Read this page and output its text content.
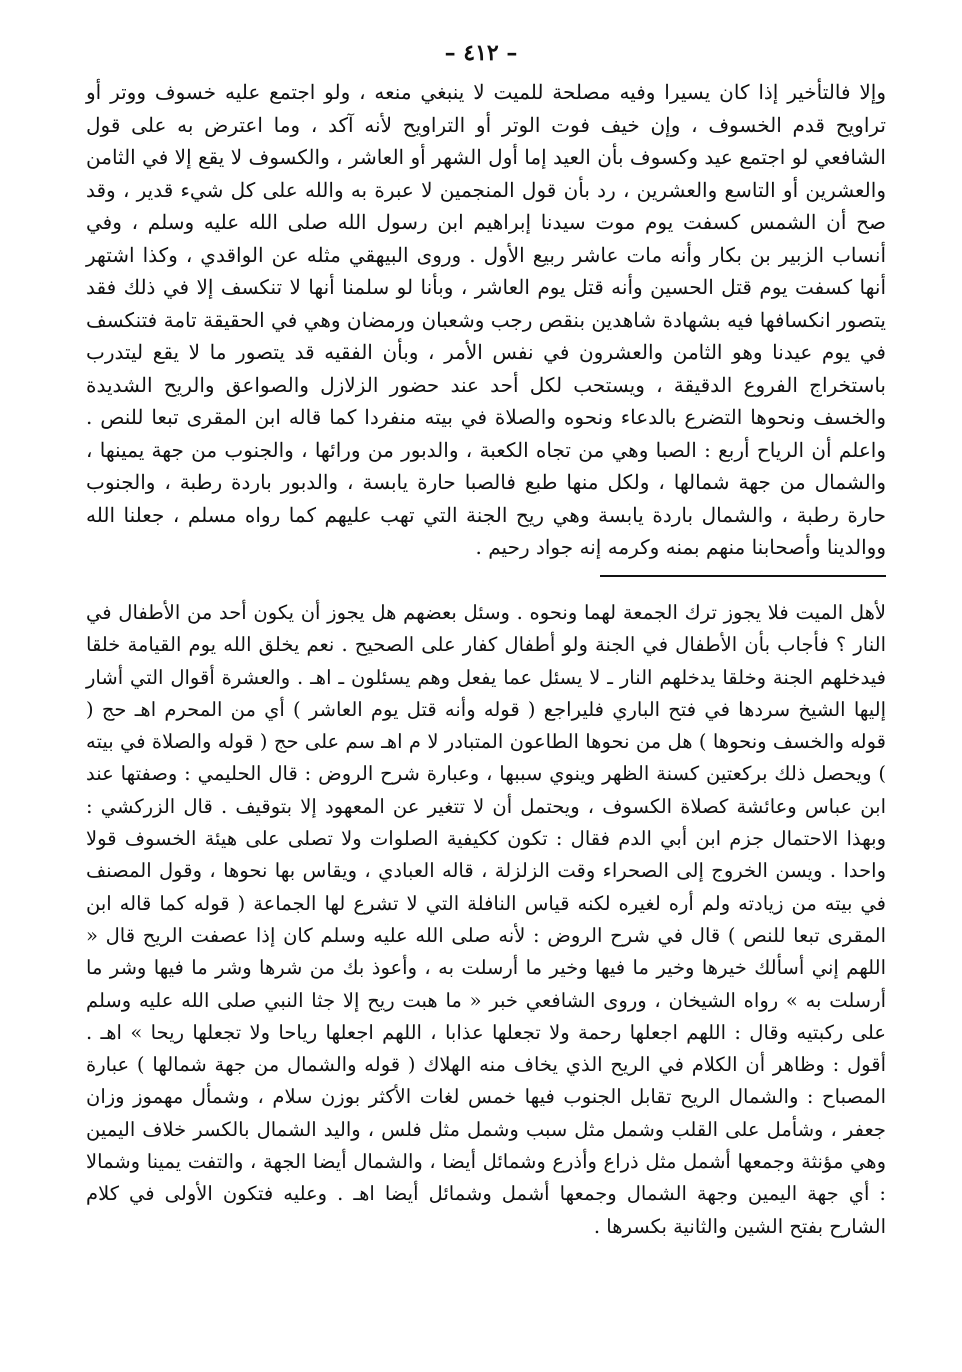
– ٤١٢ –

وإلا فالتأخير إذا كان يسيرا وفيه مصلحة للميت لا ينبغي منعه ، ولو اجتمع عليه خسوف ووتر أو تراويح قدم الخسوف ، وإن خيف فوت الوتر أو التراويح لأنه آكد ، وما اعترض به على قول الشافعي لو اجتمع عيد وكسوف بأن العيد إما أول الشهر أو العاشر ، والكسوف لا يقع إلا في الثامن والعشرين أو التاسع والعشرين ، رد بأن قول المنجمين لا عبرة به والله على كل شيء قدير ، وقد صح أن الشمس كسفت يوم موت سيدنا إبراهيم ابن رسول الله صلى الله عليه وسلم ، وفي أنساب الزبير بن بكار وأنه مات عاشر ربيع الأول . وروى البيهقي مثله عن الواقدي ، وكذا اشتهر أنها كسفت يوم قتل الحسين وأنه قتل يوم العاشر ، وبأنا لو سلمنا أنها لا تنكسف إلا في ذلك فقد يتصور انكسافها فيه بشهادة شاهدين بنقص رجب وشعبان ورمضان وهي في الحقيقة تامة فتنكسف في يوم عيدنا وهو الثامن والعشرون في نفس الأمر ، وبأن الفقيه قد يتصور ما لا يقع ليتدرب باستخراج الفروع الدقيقة ، ويستحب لكل أحد عند حضور الزلازل والصواعق والريح الشديدة والخسف ونحوها التضرع بالدعاء ونحوه والصلاة في بيته منفردا كما قاله ابن المقرى تبعا للنص . واعلم أن الرياح أربع : الصبا وهي من تجاه الكعبة ، والدبور من ورائها ، والجنوب من جهة يمينها ، والشمال من جهة شمالها ، ولكل منها طبع فالصبا حارة يابسة ، والدبور باردة رطبة ، والجنوب حارة رطبة ، والشمال باردة يابسة وهي ريح الجنة التي تهب عليهم كما رواه مسلم ، جعلنا الله ووالدينا وأصحابنا منهم بمنه وكرمه إنه جواد رحيم .

لأهل الميت فلا يجوز ترك الجمعة لهما ونحوه . وسئل بعضهم هل يجوز أن يكون أحد من الأطفال في النار ؟ فأجاب بأن الأطفال في الجنة ولو أطفال كفار على الصحيح . نعم يخلق الله يوم القيامة خلقا فيدخلهم الجنة وخلقا يدخلهم النار ـ لا يسئل عما يفعل وهم يسئلون ـ اهـ . والعشرة أقوال التي أشار إليها الشيخ سردها في فتح الباري فليراجع ( قوله وأنه قتل يوم العاشر ) أي من المحرم اهـ حج ( قوله والخسف ونحوها ) هل من نحوها الطاعون المتبادر لا م اهـ سم على حج ( قوله والصلاة في بيته ) ويحصل ذلك بركعتين كسنة الظهر وينوي سببها ، وعبارة شرح الروض : قال الحليمي : وصفتها عند ابن عباس وعائشة كصلاة الكسوف ، ويحتمل أن لا تتغير عن المعهود إلا بتوقيف . قال الزركشي : وبهذا الاحتمال جزم ابن أبي الدم فقال : تكون ككيفية الصلوات ولا تصلى على هيئة الخسوف قولا واحدا . ويسن الخروج إلى الصحراء وقت الزلزلة ، قاله العبادي ، ويقاس بها نحوها ، وقول المصنف في بيته من زيادته ولم أره لغيره لكنه قياس النافلة التي لا تشرع لها الجماعة ( قوله كما قاله ابن المقرى تبعا للنص ) قال في شرح الروض : لأنه صلى الله عليه وسلم كان إذا عصفت الريح قال « اللهم إني أسألك خيرها وخير ما فيها وخير ما أرسلت به ، وأعوذ بك من شرها وشر ما فيها وشر ما أرسلت به » رواه الشيخان ، وروى الشافعي خبر « ما هبت ريح إلا جثا النبي صلى الله عليه وسلم على ركبتيه وقال : اللهم اجعلها رحمة ولا تجعلها عذابا ، اللهم اجعلها رياحا ولا تجعلها ريحا » اهـ . أقول : وظاهر أن الكلام في الريح الذي يخاف منه الهلاك ( قوله والشمال من جهة شمالها ) عبارة المصباح : والشمال الريح تقابل الجنوب فيها خمس لغات الأكثر بوزن سلام ، وشمأل مهموز وزان جعفر ، وشأمل على القلب وشمل مثل سبب وشمل مثل فلس ، واليد الشمال بالكسر خلاف اليمين وهي مؤنثة وجمعها أشمل مثل ذراع وأذرع وشمائل أيضا ، والشمال أيضا الجهة ، والتفت يمينا وشمالا : أي جهة اليمين وجهة الشمال وجمعها أشمل وشمائل أيضا اهـ . وعليه فتكون الأولى في كلام الشارح بفتح الشين والثانية بكسرها .
